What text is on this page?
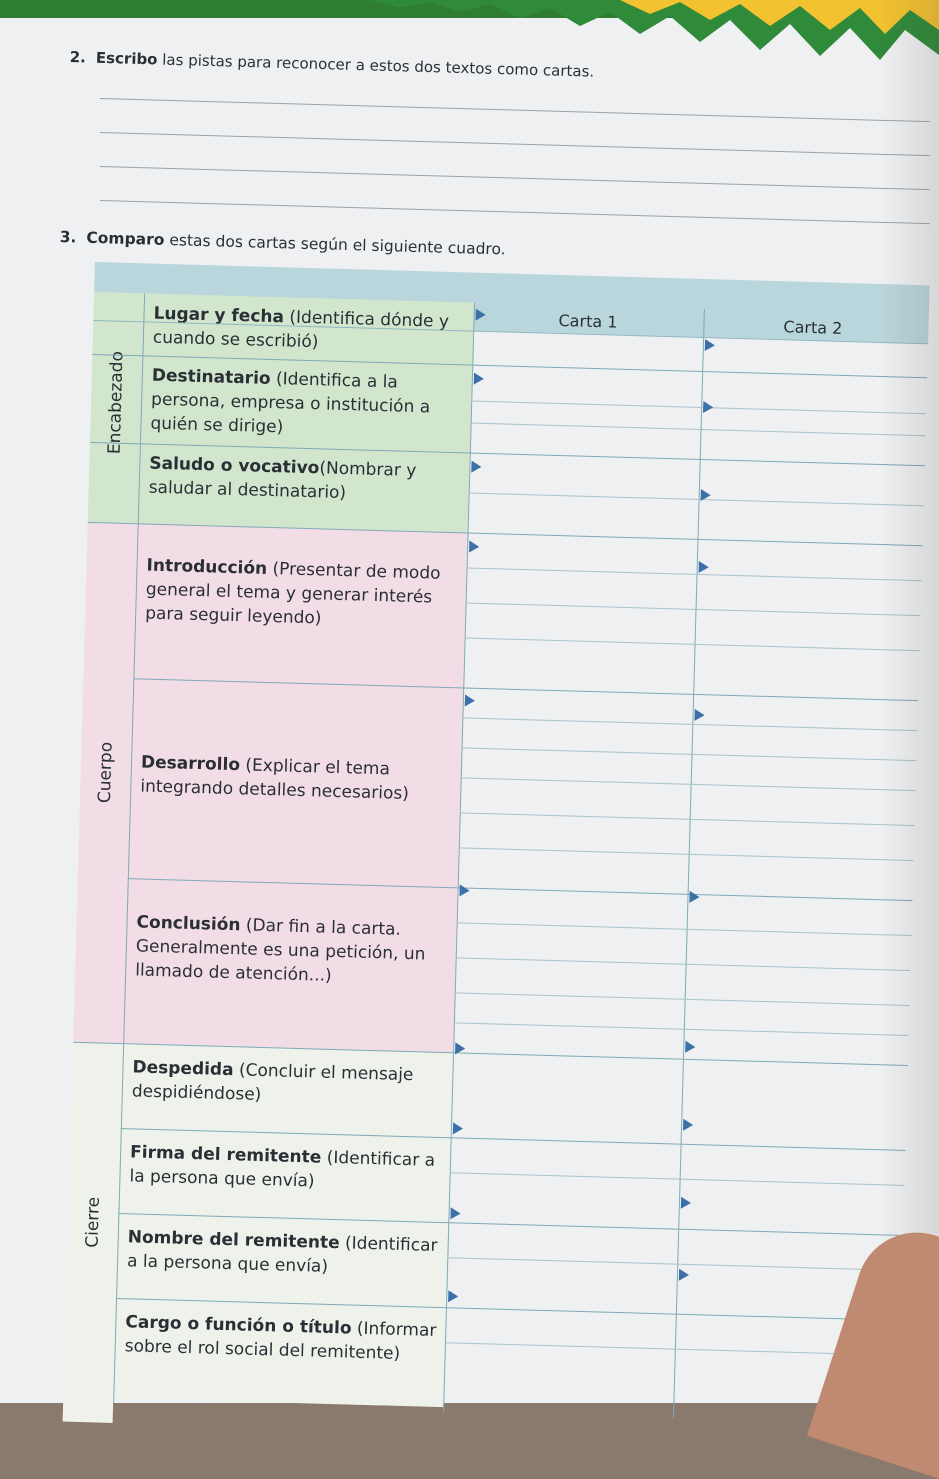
2. Escribo las pistas para reconocer a estos dos textos como cartas.
3. Comparo estas dos cartas según el siguiente cuadro.
Carta 1	Carta 2
Encabezado
Cuerpo
Cierre
Lugar y fecha (Identifica dónde y cuando se escribió)
Destinatario (Identifica a la persona, empresa o institución a quién se dirige)
Saludo o vocativo(Nombrar y saludar al destinatario)
Introducción (Presentar de modo general el tema y generar interés para seguir leyendo)
Desarrollo (Explicar el tema integrando detalles necesarios)
Conclusión (Dar fin a la carta. Generalmente es una petición, un llamado de atención...)
Despedida (Concluir el mensaje despidiéndose)
Firma del remitente (Identificar a la persona que envía)
Nombre del remitente (Identificar a la persona que envía)
Cargo o función o título (Informar sobre el rol social del remitente)
